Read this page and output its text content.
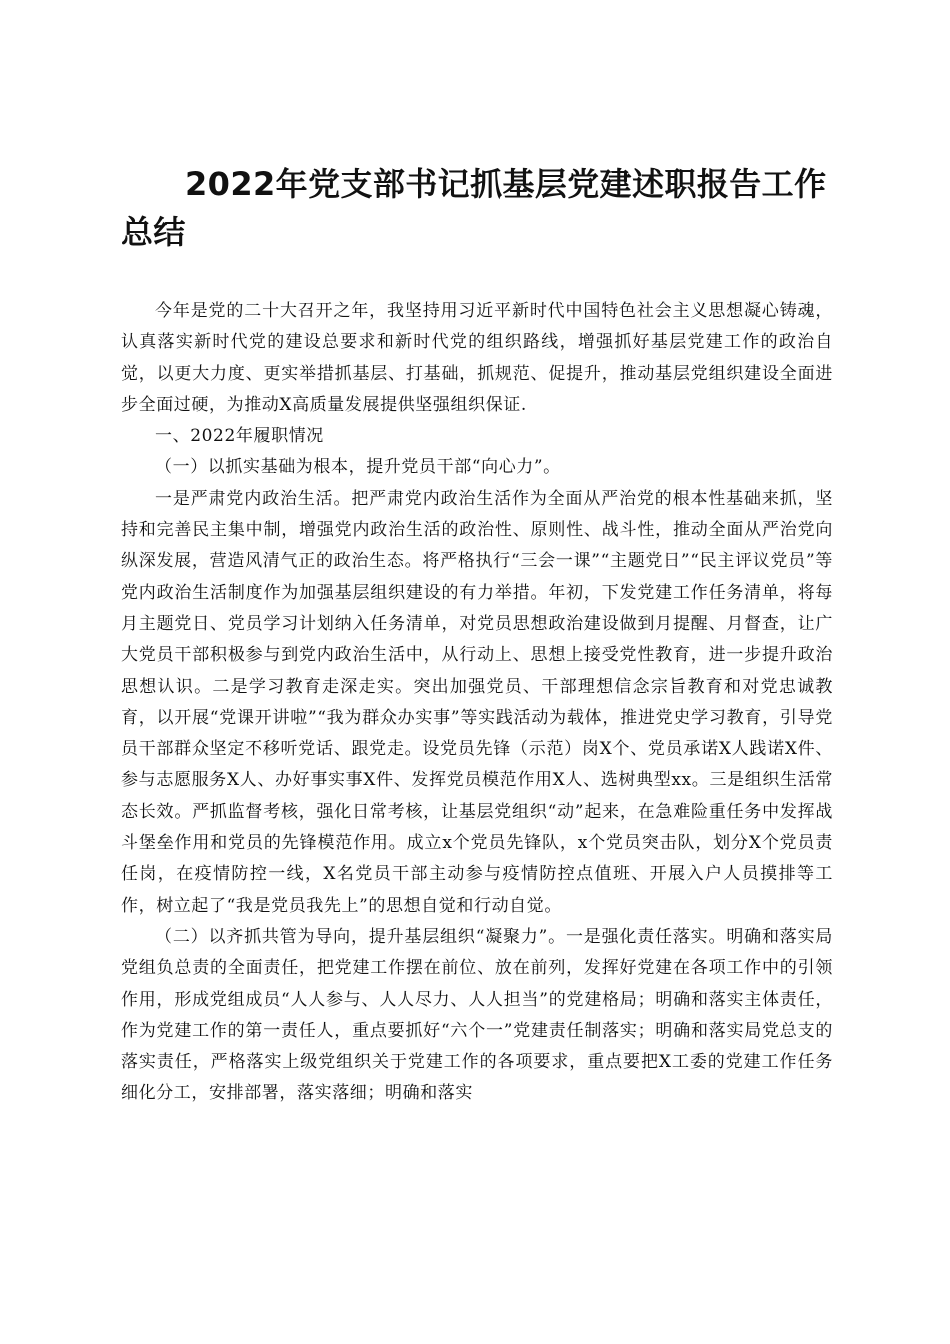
2022年党支部书记抓基层党建述职报告工作总结

今年是党的二十大召开之年，我坚持用习近平新时代中国特色社会主义思想凝心铸魂，认真落实新时代党的建设总要求和新时代党的组织路线，增强抓好基层党建工作的政治自觉，以更大力度、更实举措抓基层、打基础，抓规范、促提升，推动基层党组织建设全面进步全面过硬，为推动X高质量发展提供坚强组织保证.

一、2022年履职情况

（一）以抓实基础为根本，提升党员干部“向心力”。

一是严肃党内政治生活。把严肃党内政治生活作为全面从严治党的根本性基础来抓，坚持和完善民主集中制，增强党内政治生活的政治性、原则性、战斗性，推动全面从严治党向纵深发展，营造风清气正的政治生态。将严格执行“三会一课”“主题党日”“民主评议党员”等党内政治生活制度作为加强基层组织建设的有力举措。年初，下发党建工作任务清单，将每月主题党日、党员学习计划纳入任务清单，对党员思想政治建设做到月提醒、月督查，让广大党员干部积极参与到党内政治生活中，从行动上、思想上接受党性教育，进一步提升政治思想认识。二是学习教育走深走实。突出加强党员、干部理想信念宗旨教育和对党忠诚教育，以开展“党课开讲啦”“我为群众办实事”等实践活动为载体，推进党史学习教育，引导党员干部群众坚定不移听党话、跟党走。设党员先锋（示范）岗X个、党员承诺X人践诺X件、参与志愿服务X人、办好事实事X件、发挥党员模范作用X人、选树典型xx。三是组织生活常态长效。严抓监督考核，强化日常考核，让基层党组织“动”起来，在急难险重任务中发挥战斗堡垒作用和党员的先锋模范作用。成立x个党员先锋队，x个党员突击队，划分X个党员责任岗，在疫情防控一线，X名党员干部主动参与疫情防控点值班、开展入户人员摸排等工作，树立起了“我是党员我先上”的思想自觉和行动自觉。

（二）以齐抓共管为导向，提升基层组织“凝聚力”。一是强化责任落实。明确和落实局党组负总责的全面责任，把党建工作摆在前位、放在前列，发挥好党建在各项工作中的引领作用，形成党组成员“人人参与、人人尽力、人人担当”的党建格局；明确和落实主体责任，作为党建工作的第一责任人，重点要抓好“六个一”党建责任制落实；明确和落实局党总支的落实责任，严格落实上级党组织关于党建工作的各项要求，重点要把X工委的党建工作任务细化分工，安排部署，落实落细；明确和落实
